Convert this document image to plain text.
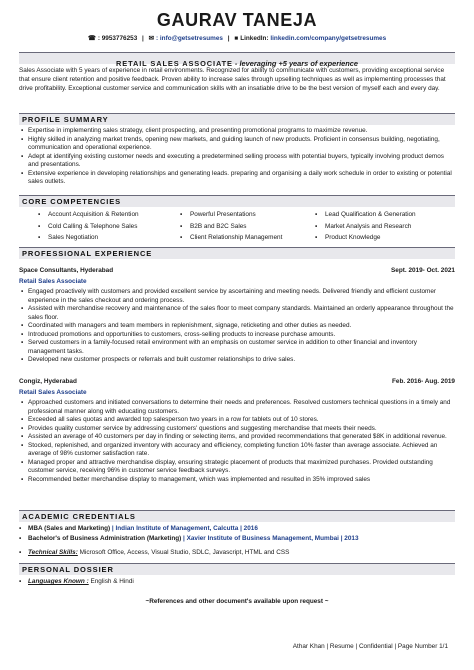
GAURAV TANEJA
☎ : 9953776253 | ✉ : info@getsetresumes | ■ LinkedIn: linkedin.com/company/getsetresumes
RETAIL SALES ASSOCIATE - leveraging +5 years of experience
Sales Associate with 5 years of experience in retail environments. Recognized for ability to communicate with customers, providing exceptional service that ensure client retention and positive feedback. Proven ability to increase sales through upselling techniques as well as implementing processes that drive profitability. Exceptional customer service and communication skills with an insatiable drive to be the best version of myself each and every day.
PROFILE SUMMARY
▪ Expertise in implementing sales strategy, client prospecting, and presenting promotional programs to maximize revenue.
▪ Highly skilled in analyzing market trends, opening new markets, and guiding launch of new products. Proficient in consensus building, negotiating, communication and operational experience.
▪ Adept at identifying existing customer needs and executing a predetermined selling process with potential buyers, typically involving product demos and presentations.
▪ Extensive experience in developing relationships and generating leads. preparing and organising a daily work schedule in order to existing or potential sales outlets.
CORE COMPETENCIES
▪ Account Acquisition & Retention	▪ Powerful Presentations	▪ Lead Qualification & Generation
▪ Cold Calling & Telephone Sales	▪ B2B and B2C Sales	▪ Market Analysis and Research
▪ Sales Negotiation	▪ Client Relationship Management	▪ Product Knowledge
PROFESSIONAL EXPERIENCE
Space Consultants, Hyderabad	Sept. 2019- Oct. 2021
Retail Sales Associate
▪ Engaged proactively with customers and provided excellent service by ascertaining and meeting needs. Delivered friendly and efficient customer experience in the sales checkout and ordering process.
▪ Assisted with merchandise recovery and maintenance of the sales floor to meet company standards. Maintained an orderly appearance throughout the sales floor.
▪ Coordinated with managers and team members in replenishment, signage, reticketing and other duties as needed.
▪ Introduced promotions and opportunities to customers, cross-selling products to increase purchase amounts.
▪ Served customers in a family-focused retail environment with an emphasis on customer service in addition to other financial and inventory management tasks.
▪ Developed new customer prospects or referrals and built customer relationships to drive sales.
Congiz, Hyderabad	Feb. 2016- Aug. 2019
Retail Sales Associate
▪ Approached customers and initiated conversations to determine their needs and preferences. Resolved customers technical questions in a timely and professional manner along with educating customers.
▪ Exceeded all sales quotas and awarded top salesperson two years in a row for tablets out of 10 stores.
▪ Provides quality customer service by addressing customers' questions and suggesting merchandise that meets their needs.
▪ Assisted an average of 40 customers per day in finding or selecting items, and provided recommendations that generated $8K in additional revenue.
▪ Stocked, replenished, and organized inventory with accuracy and efficiency, completing function 10% faster than average associate. Achieved an average of 98% customer satisfaction rate.
▪ Managed proper and attractive merchandise display, ensuring strategic placement of products that maximized purchases. Provided outstanding customer service, receiving 96% in customer service feedback surveys.
▪ Recommended better merchandise display to management, which was implemented and resulted in 35% improved sales
ACADEMIC CREDENTIALS
▪ MBA (Sales and Marketing) | Indian Institute of Management, Calcutta | 2016
▪ Bachelor's of Business Administration (Marketing) | Xavier Institute of Business Management, Mumbai | 2013
▪ Technical Skills: Microsoft Office, Access, Visual Studio, SDLC, Javascript, HTML and CSS
PERSONAL DOSSIER
▪ Languages Known : English & Hindi
~References and other document's available upon request ~
Athar Khan | Resume | Confidential | Page Number 1/1
